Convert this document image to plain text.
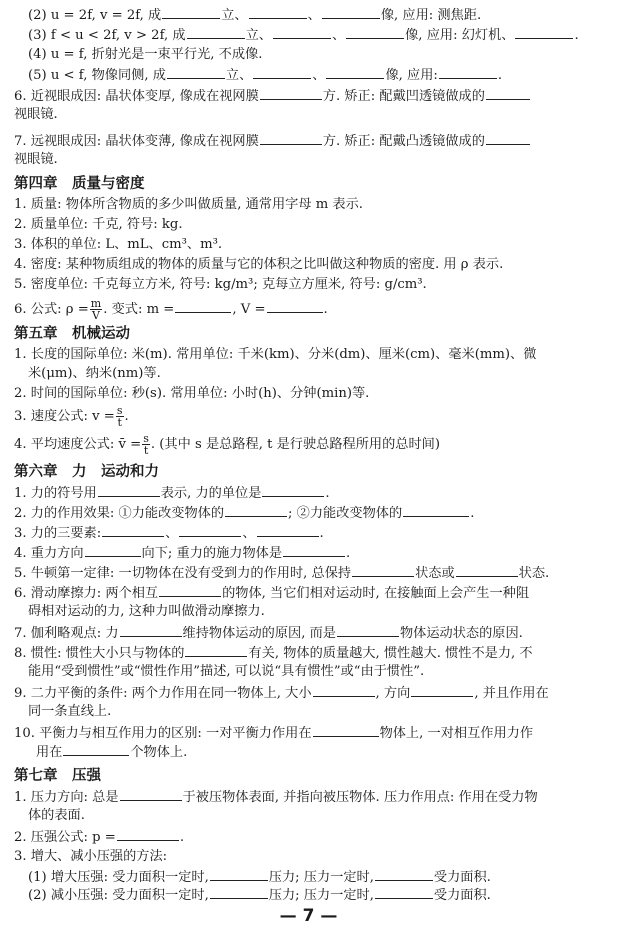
(2) u = 2f, v = 2f, 成	立、	、	像, 应用: 测焦距.
(3) f < u < 2f, v > 2f, 成	立、	、	像, 应用: 幻灯机、	.
(4) u = f, 折射光是一束平行光, 不成像.
(5) u < f, 物像同侧, 成	立、	、	像, 应用:	.
6. 近视眼成因: 晶状体变厚, 像成在视网膜	方. 矫正: 配戴凹透镜做成的
视眼镜.
7. 远视眼成因: 晶状体变薄, 像成在视网膜	方. 矫正: 配戴凸透镜做成的
视眼镜.
第四章　质量与密度
1. 质量: 物体所含物质的多少叫做质量, 通常用字母 m 表示.
2. 质量单位: 千克, 符号: kg.
3. 体积的单位: L、mL、cm³、m³.
4. 密度: 某种物质组成的物体的质量与它的体积之比叫做这种物质的密度. 用 ρ 表示.
5. 密度单位: 千克每立方米, 符号: kg/m³; 克每立方厘米, 符号: g/cm³.
6. 公式: $\rho = \frac{m}{V}$ . 变式: m =	, V =	.
第五章　机械运动
1. 长度的国际单位: 米(m). 常用单位: 千米(km)、分米(dm)、厘米(cm)、毫米(mm)、微
米(μm)、纳米(nm)等.
2. 时间的国际单位: 秒(s). 常用单位: 小时(h)、分钟(min)等.
3. 速度公式: $v = \frac{s}{t}$ .
4. 平均速度公式: v̄ = $\frac{s}{t}$ . (其中 s 是总路程, t 是行驶总路程所用的总时间)
第六章　力　运动和力
1. 力的符号用	表示, 力的单位是	.
2. 力的作用效果: ①力能改变物体的	; ②力能改变物体的	.
3. 力的三要素:	、	、	.
4. 重力方向	向下; 重力的施力物体是	.
5. 牛顿第一定律: 一切物体在没有受到力的作用时, 总保持	状态或	状态.
6. 滑动摩擦力: 两个相互	的物体, 当它们相对运动时, 在接触面上会产生一种阻
碍相对运动的力, 这种力叫做滑动摩擦力.
7. 伽利略观点: 力	维持物体运动的原因, 而是	物体运动状态的原因.
8. 惯性: 惯性大小只与物体的	有关, 物体的质量越大, 惯性越大. 惯性不是力, 不
能用“受到惯性”或“惯性作用”描述, 可以说“具有惯性”或“由于惯性”.
9. 二力平衡的条件: 两个力作用在同一物体上, 大小	, 方向	, 并且作用在
同一条直线上.
10. 平衡力与相互作用力的区别: 一对平衡力作用在	物体上, 一对相互作用力作
用在	个物体上.
第七章　压强
1. 压力方向: 总是	于被压物体表面, 并指向被压物体. 压力作用点: 作用在受力物
体的表面.
2. 压强公式: p =	.
3. 增大、减小压强的方法:
(1) 增大压强: 受力面积一定时,	压力; 压力一定时,	受力面积.
(2) 减小压强: 受力面积一定时,	压力; 压力一定时,	受力面积.
— 7 —
